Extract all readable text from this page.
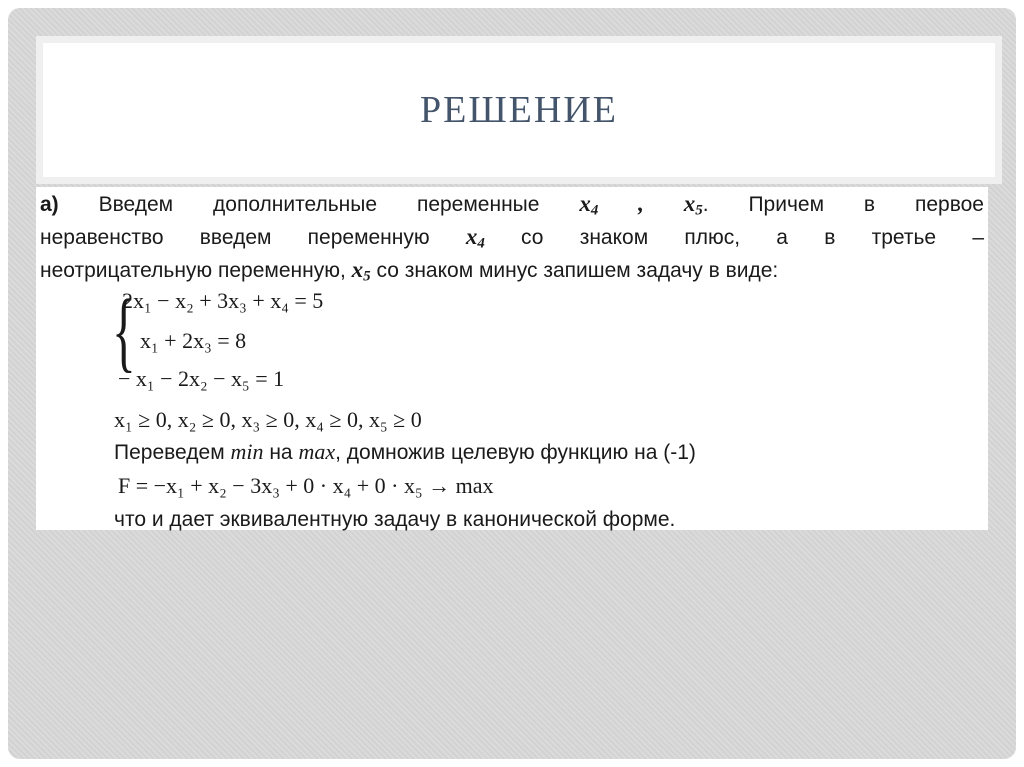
РЕШЕНИЕ
а) Введем дополнительные переменные $x_4$ , $x_5$. Причем в первое
неравенство введем переменную $x_4$ со знаком плюс, а в третье –
неотрицательную переменную, $x_5$ со знаком минус запишем задачу в виде:
{
2x₁ − x₂ + 3x₃ + x₄ = 5
x₁ + 2x₃ = 8
− x₁ − 2x₂ − x₅ = 1
x₁ ≥ 0, x₂ ≥ 0, x₃ ≥ 0, x₄ ≥ 0, x₅ ≥ 0
Переведем min на max, домножив целевую функцию на (-1)
F = −x₁ + x₂ − 3x₃ + 0 · x₄ + 0 · x₅ → max
что и дает эквивалентную задачу в канонической форме.
